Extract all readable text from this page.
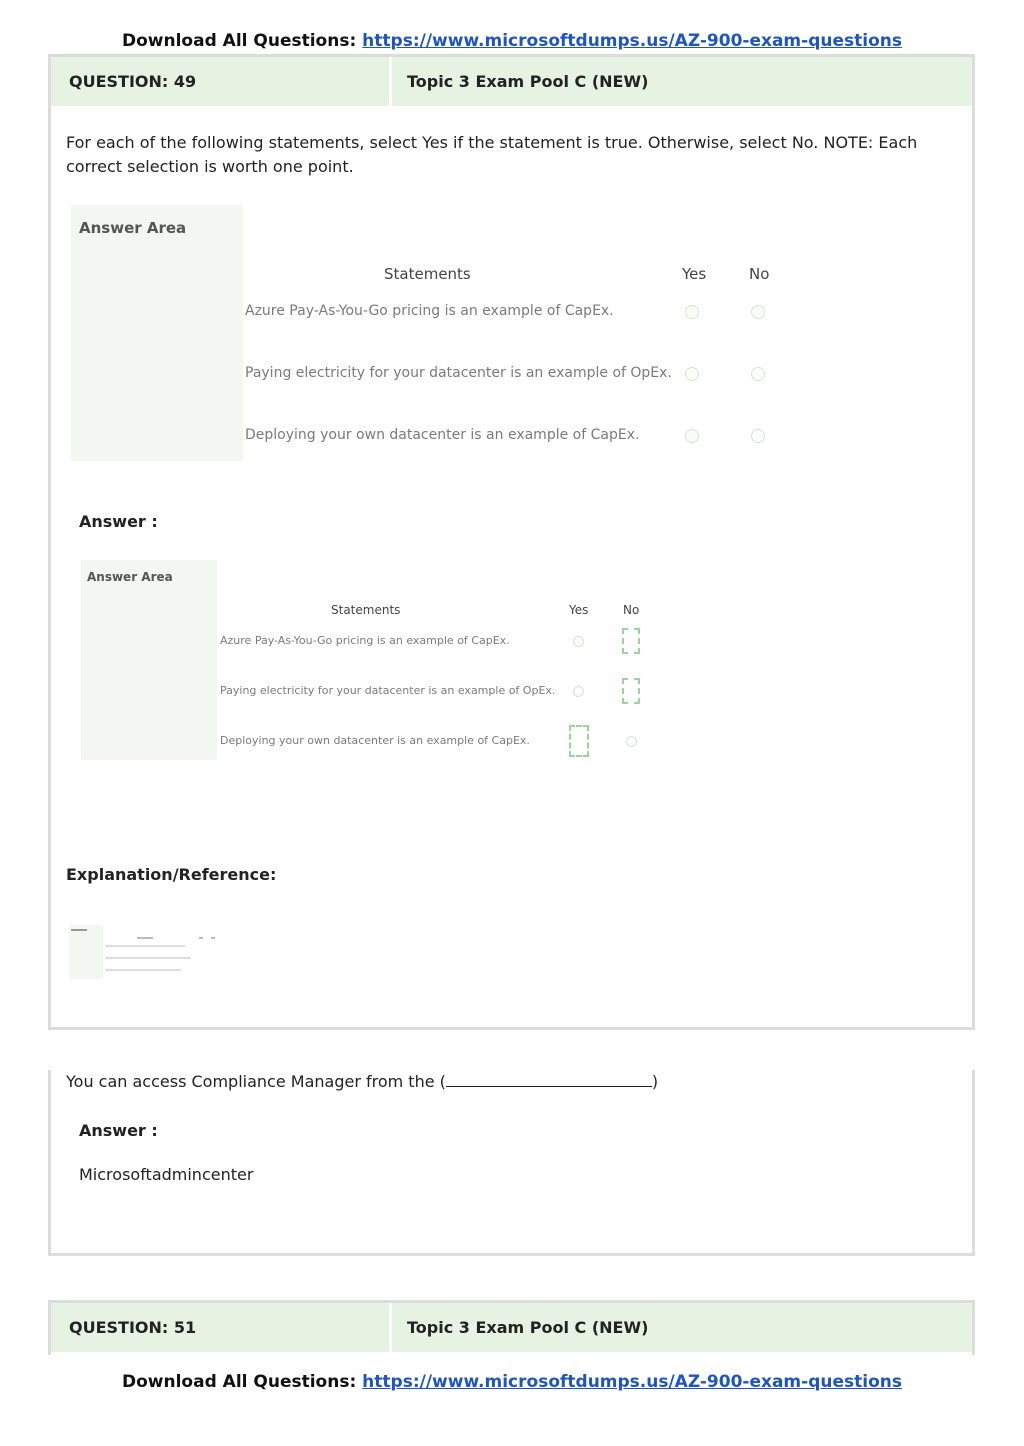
Download All Questions: https://www.microsoftdumps.us/AZ-900-exam-questions
QUESTION: 49	Topic 3 Exam Pool C (NEW)
For each of the following statements, select Yes if the statement is true. Otherwise, select No. NOTE: Each correct selection is worth one point.
Answer Area
Statements	Yes	No
Azure Pay-As-You-Go pricing is an example of CapEx.
Paying electricity for your datacenter is an example of OpEx.
Deploying your own datacenter is an example of CapEx.
Answer :
Answer Area
Statements	Yes	No
Azure Pay-As-You-Go pricing is an example of CapEx.
Paying electricity for your datacenter is an example of OpEx.
Deploying your own datacenter is an example of CapEx.
Explanation/Reference:
You can access Compliance Manager from the (	)
Answer :
Microsoftadmincenter
QUESTION: 51	Topic 3 Exam Pool C (NEW)
Download All Questions: https://www.microsoftdumps.us/AZ-900-exam-questions
